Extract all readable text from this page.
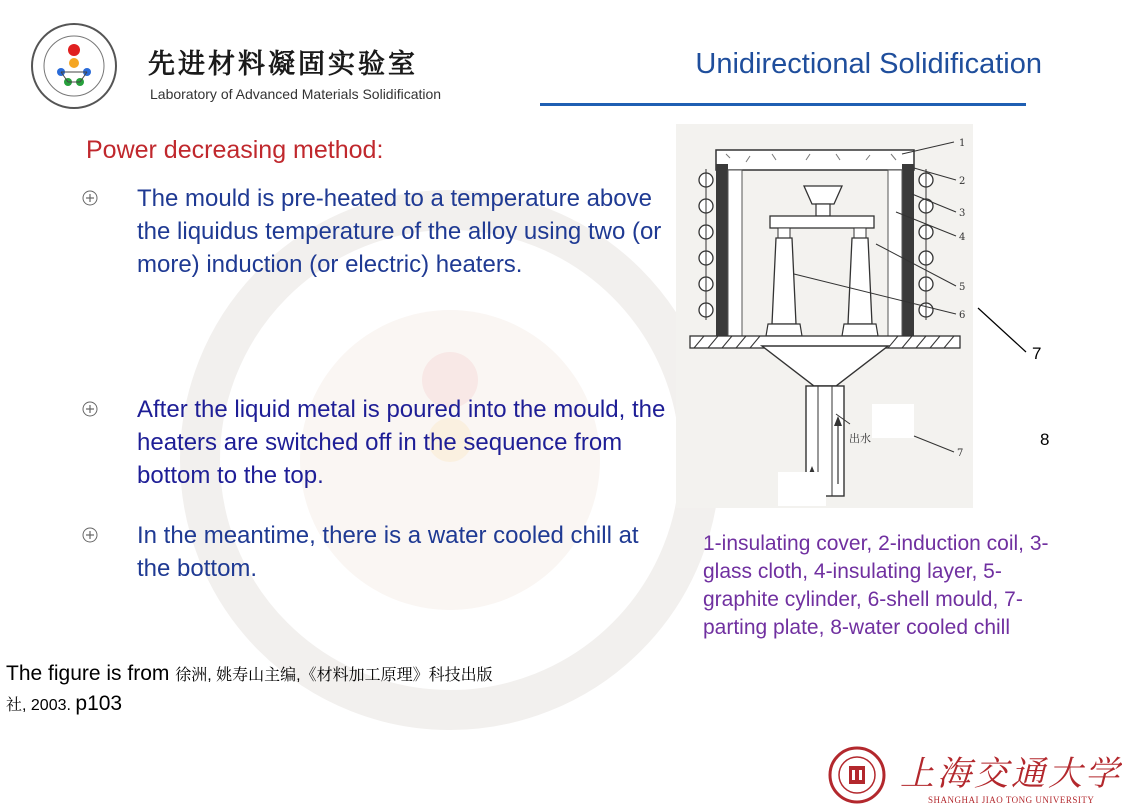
先进材料凝固实验室
Laboratory of Advanced Materials Solidification
Unidirectional Solidification
Power decreasing method:
The mould is pre-heated to a temperature above the liquidus temperature of the alloy using two (or more) induction (or electric) heaters.
After the liquid metal is poured into the mould, the heaters are switched off in the sequence from bottom to the top.
In the meantime, there is a water cooled chill at the bottom.
出水
1
2
3
4
5
6
7
7
8
1-insulating cover, 2-induction coil, 3-glass cloth, 4-insulating layer, 5-graphite cylinder, 6-shell mould, 7-parting plate, 8-water cooled chill
The figure is from 徐洲, 姚寿山主编,《材料加工原理》科技出版
社, 2003. p103
上海交通大学
SHANGHAI JIAO TONG UNIVERSITY
